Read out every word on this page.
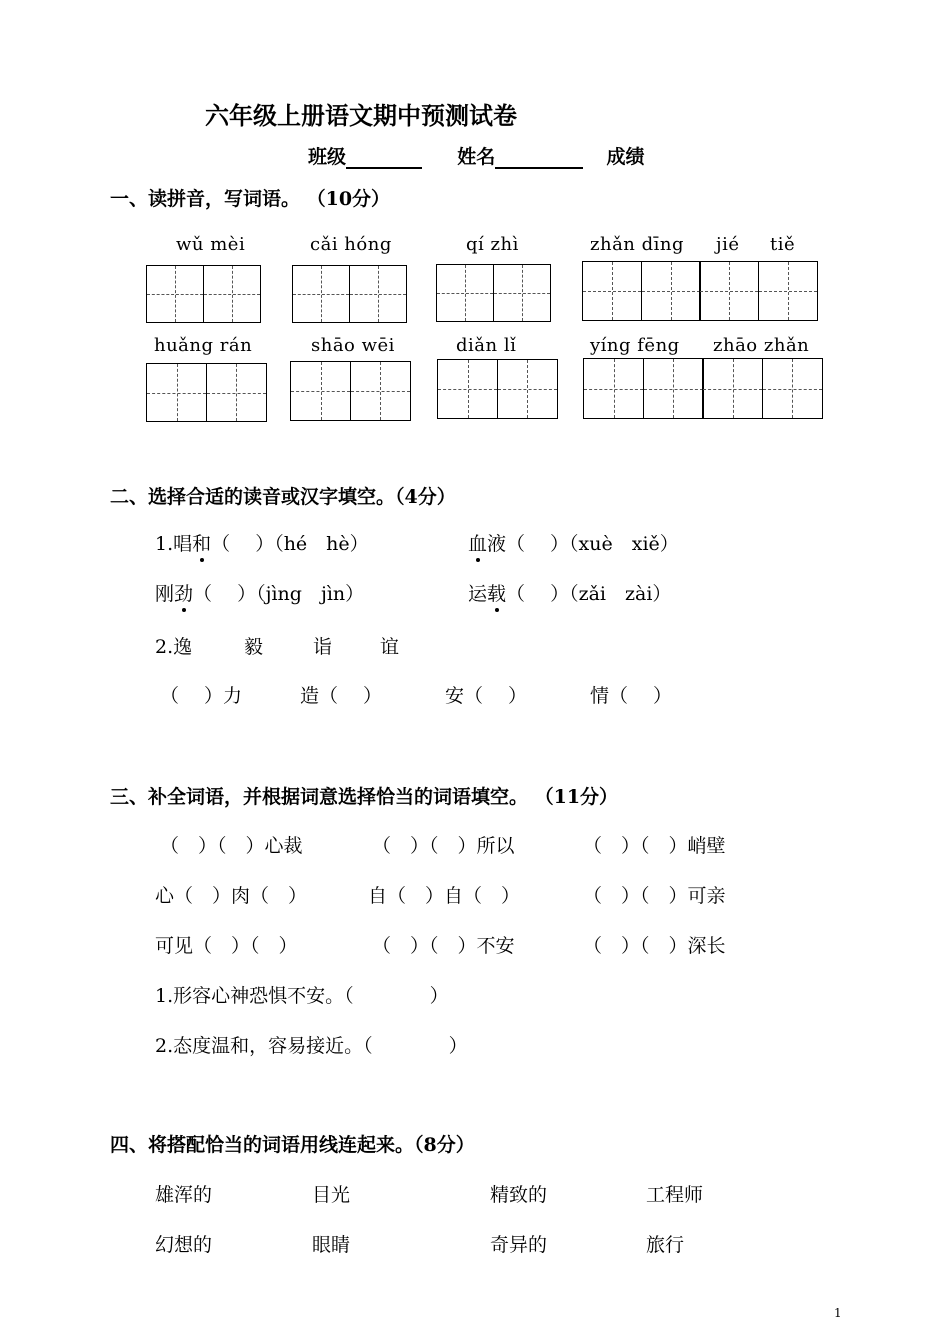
六年级上册语文期中预测试卷
班级	姓名	成绩
一、读拼音，写词语。 （10分）
wǔ mèi	cǎi hóng	qí zhì	zhǎn dīng jié tiě
huǎng rán	shāo wēi	diǎn lǐ	yíng fēng zhāo zhǎn
二、选择合适的读音或汉字填空。（4分）
1.唱和（　 ）（hé　hè）	血液（　 ）（xuè　xiě）
刚劲（　 ）（jìng　jìn）	运载（　 ）（zǎi　zài）
2.逸	毅	诣	谊
（　 ）力	造（　 ）	安（　 ）	情（　 ）
三、补全词语，并根据词意选择恰当的词语填空。 （11分）
（　）（　）心裁	（　）（　）所以	（　）（　）峭壁
心（　）肉（　）	自（　）自（　）	（　）（　）可亲
可见（　）（　）	（　）（　）不安	（　）（　）深长
1.形容心神恐惧不安。（　　　　）
2.态度温和，容易接近。（　　　　）
四、将搭配恰当的词语用线连起来。（8分）
雄浑的	目光	精致的	工程师
幻想的	眼睛	奇异的	旅行
1
